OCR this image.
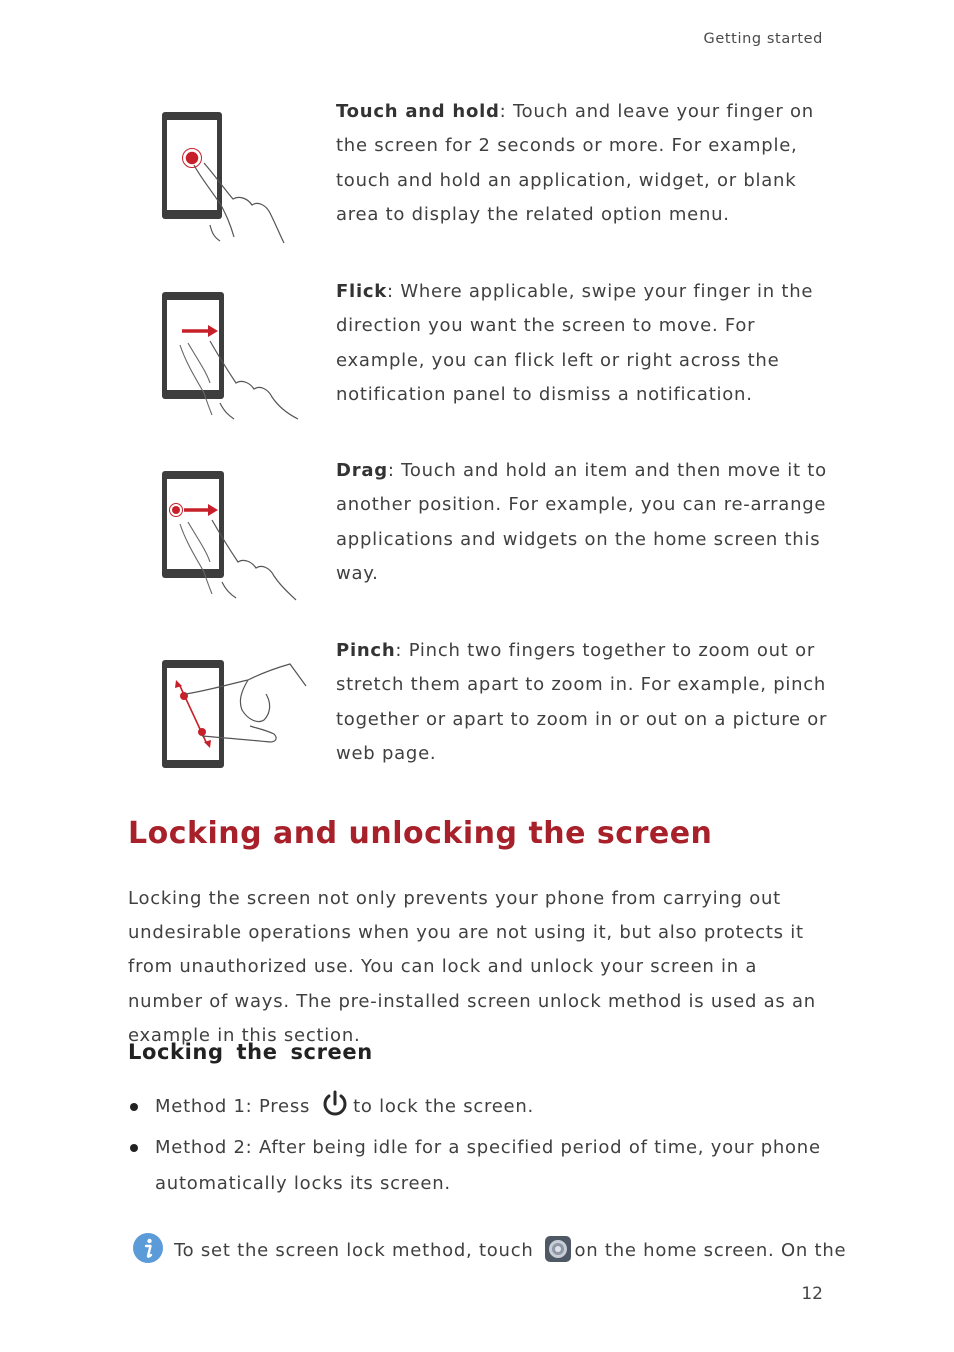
Getting started
Touch and hold: Touch and leave your finger on the screen for 2 seconds or more. For example, touch and hold an application, widget, or blank area to display the related option menu.
Flick: Where applicable, swipe your finger in the direction you want the screen to move. For example, you can flick left or right across the notification panel to dismiss a notification.
Drag: Touch and hold an item and then move it to another position. For example, you can re-arrange applications and widgets on the home screen this way.
Pinch: Pinch two fingers together to zoom out or stretch them apart to zoom in. For example, pinch together or apart to zoom in or out on a picture or web page.
Locking and unlocking the screen
Locking the screen not only prevents your phone from carrying out undesirable operations when you are not using it, but also protects it from unauthorized use. You can lock and unlock your screen in a number of ways. The pre-installed screen unlock method is used as an example in this section.
Locking the screen
Method 1: Press to lock the screen.
Method 2: After being idle for a specified period of time, your phone automatically locks its screen.
To set the screen lock method, touch on the home screen. On the
12
